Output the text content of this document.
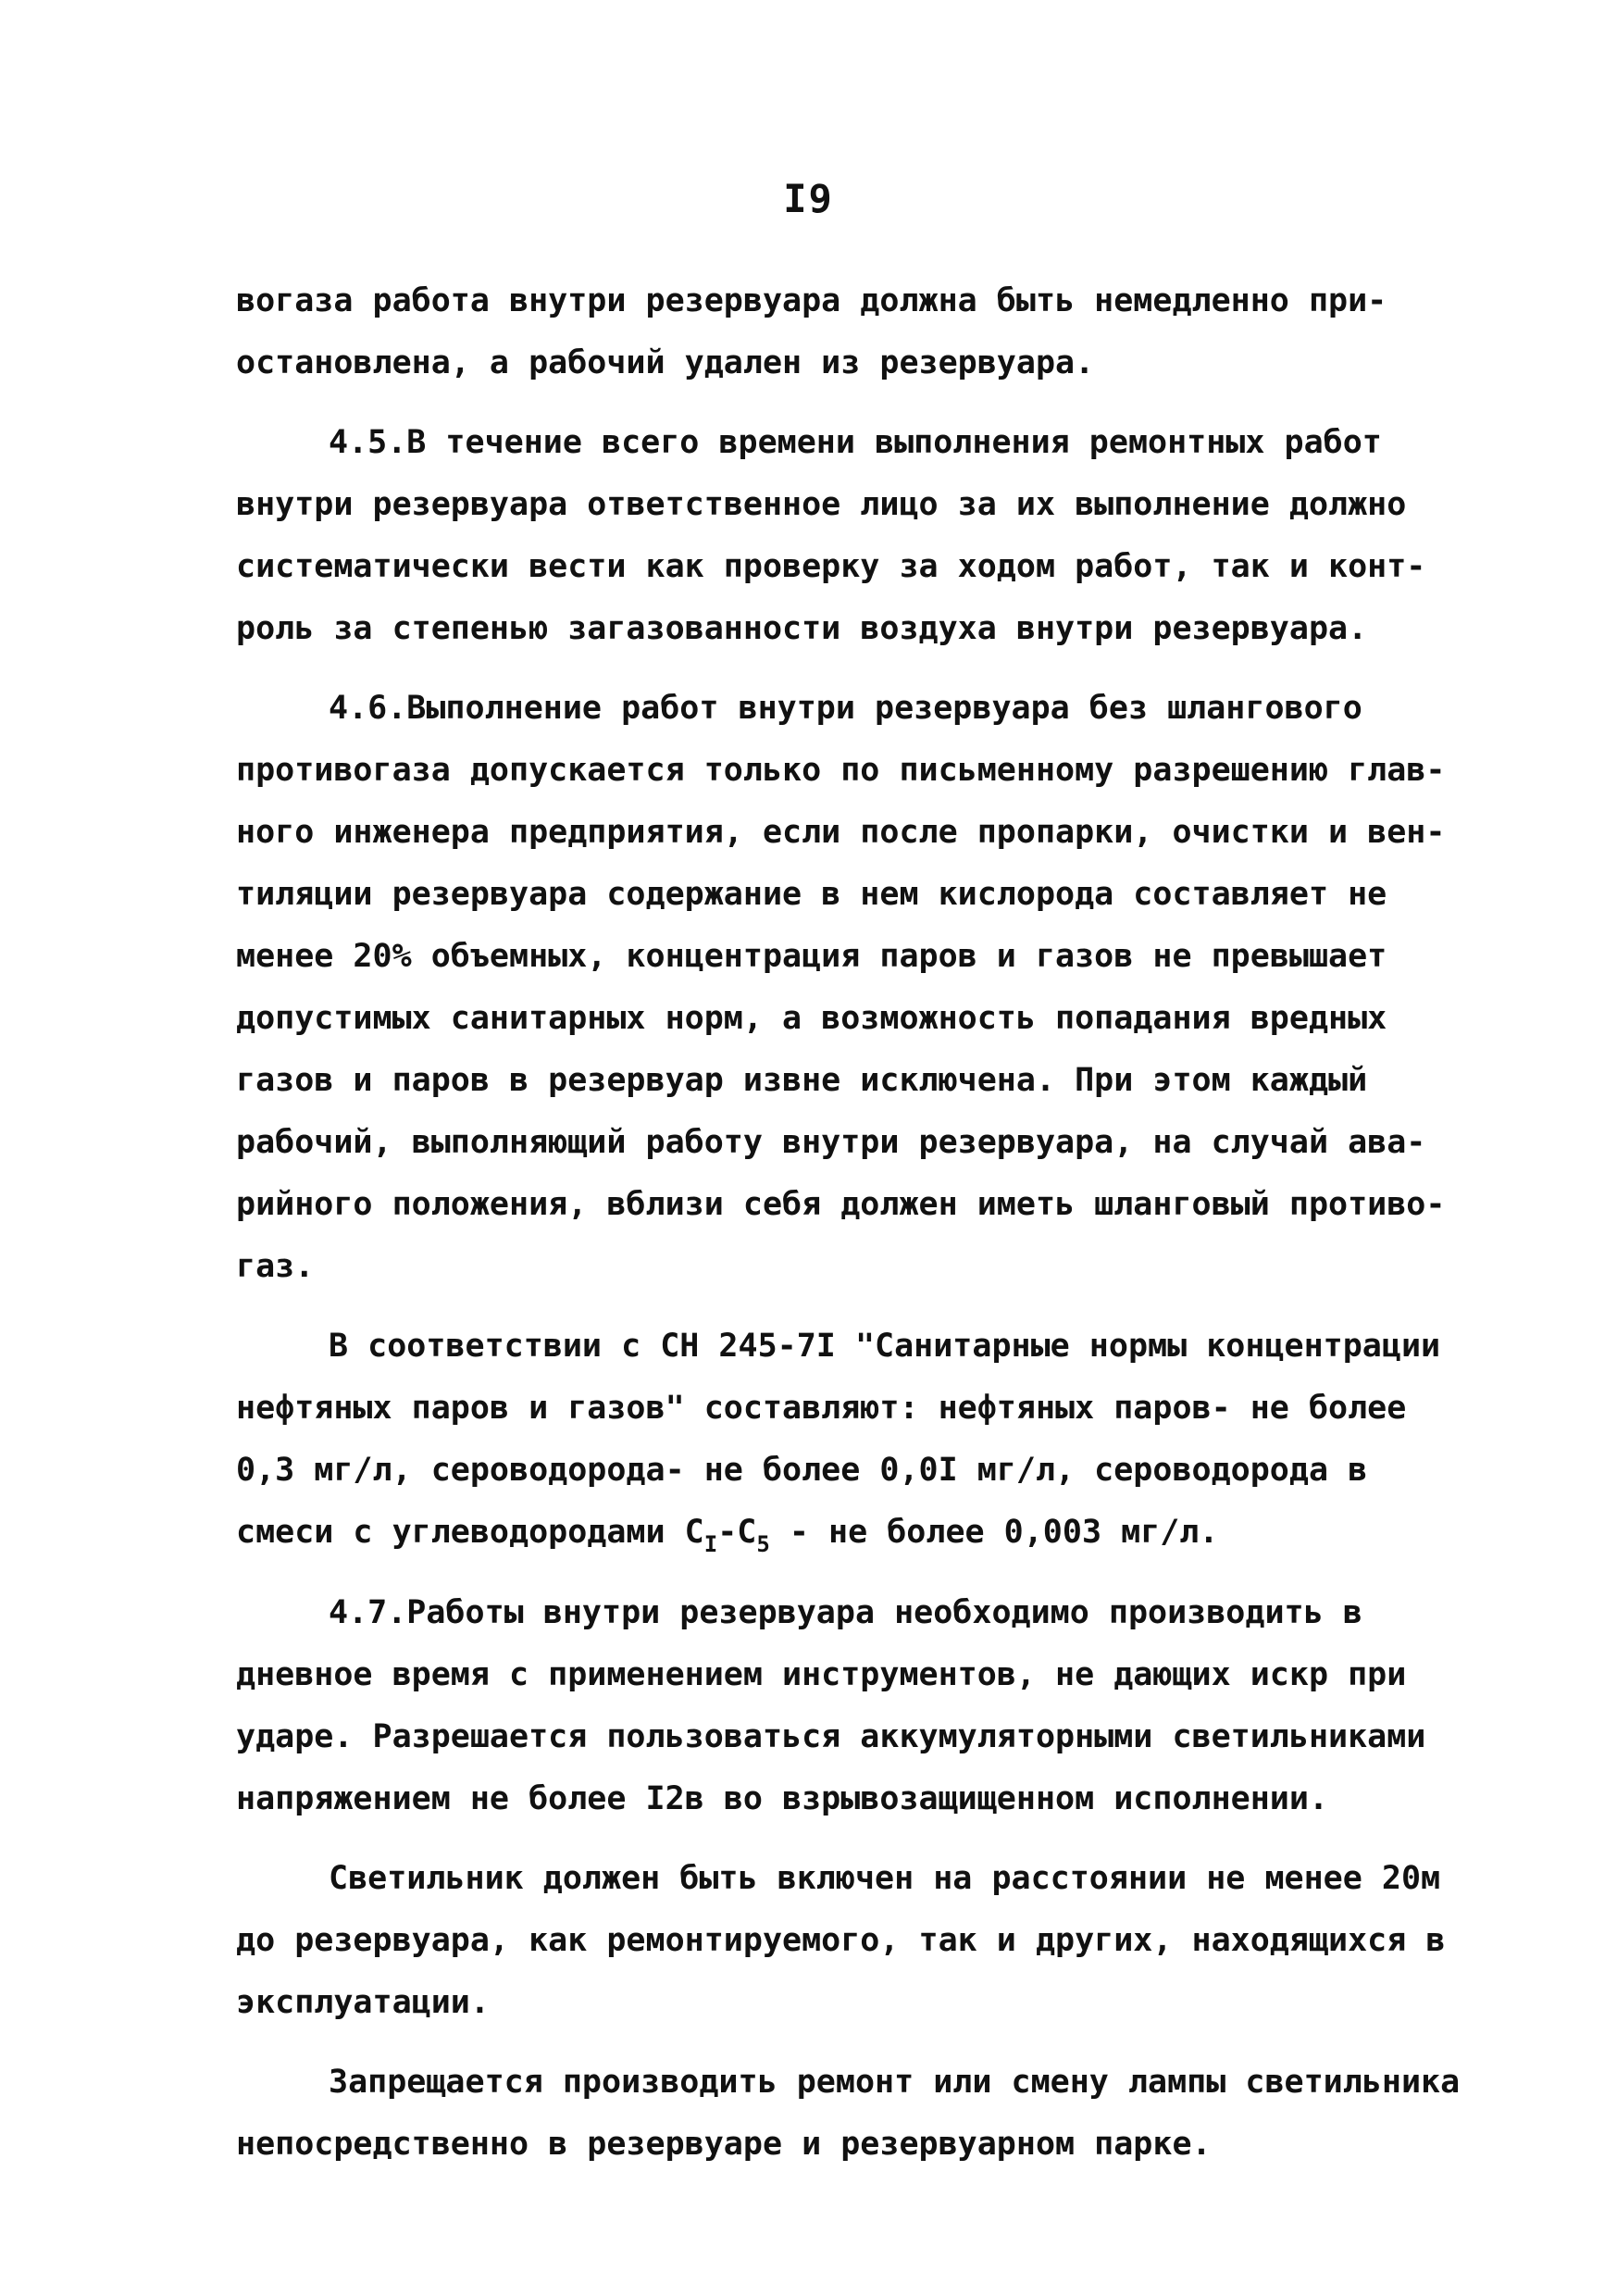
I9
вогаза работа внутри резервуара должна быть немедленно при-
остановлена, а рабочий удален из резервуара.
4.5.В течение всего времени выполнения ремонтных работ
внутри резервуара ответственное лицо за их выполнение должно
систематически вести как проверку за ходом работ, так и конт-
роль за степенью загазованности воздуха внутри резервуара.
4.6.Выполнение работ внутри резервуара без шлангового
противогаза допускается только по письменному разрешению глав-
ного инженера предприятия, если после пропарки, очистки и вен-
тиляции резервуара содержание в нем кислорода составляет не
менее 20% объемных, концентрация паров и газов не превышает
допустимых санитарных норм, а возможность попадания вредных
газов и паров в резервуар извне исключена. При этом каждый
рабочий, выполняющий работу внутри резервуара, на случай ава-
рийного положения, вблизи себя должен иметь шланговый противо-
газ.
В соответствии с СН 245-7I "Санитарные нормы концентрации
нефтяных паров и газов" составляют: нефтяных паров- не более
0,3 мг/л, сероводорода- не более 0,0I мг/л, сероводорода в
смеси с углеводородами $С_I-С_5$ - не более 0,003 мг/л.
4.7.Работы внутри резервуара необходимо производить в
дневное время с применением инструментов, не дающих искр при
ударе. Разрешается пользоваться аккумуляторными светильниками
напряжением не более I2в во взрывозащищенном исполнении.
Светильник должен быть включен на расстоянии не менее 20м
до резервуара, как ремонтируемого, так и других, находящихся в
эксплуатации.
Запрещается производить ремонт или смену лампы светильника
непосредственно в резервуаре и резервуарном парке.
